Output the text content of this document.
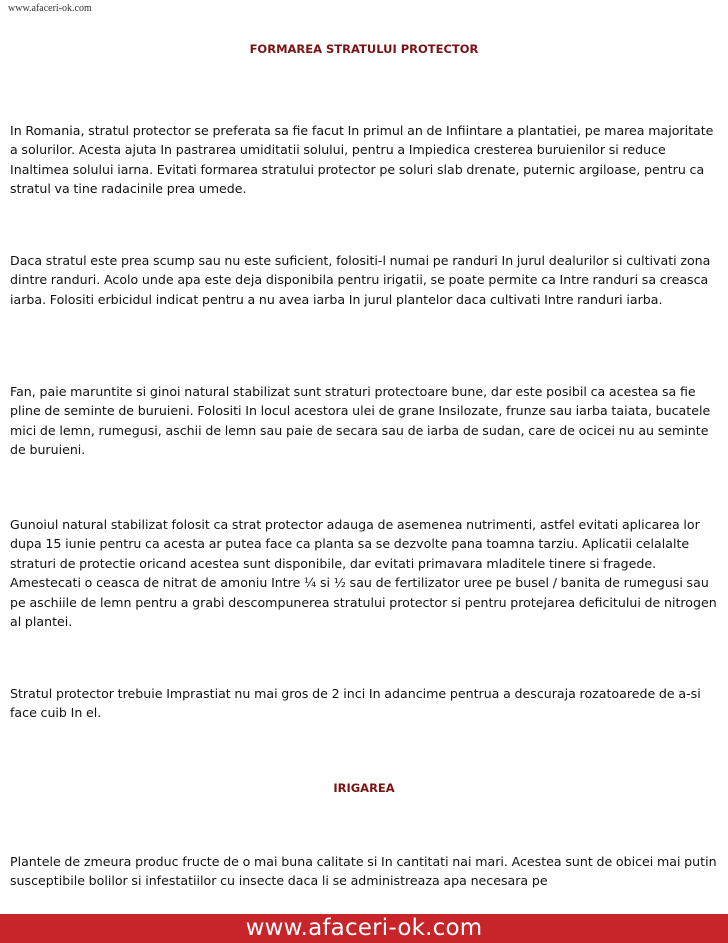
www.afaceri-ok.com
FORMAREA STRATULUI PROTECTOR
In Romania, stratul protector se preferata sa fie facut In primul an de Infiintare a plantatiei, pe marea majoritate a solurilor. Acesta ajuta In pastrarea umiditatii solului, pentru a Impiedica cresterea buruienilor si reduce Inaltimea solului iarna. Evitati formarea stratului protector pe soluri slab drenate, puternic argiloase, pentru ca stratul va tine radacinile prea umede.
Daca stratul este prea scump sau nu este suficient, folositi-l numai pe randuri In jurul dealurilor si cultivati zona dintre randuri. Acolo unde apa este deja disponibila pentru irigatii, se poate permite ca Intre randuri sa creasca iarba. Folositi erbicidul indicat pentru a nu avea iarba In jurul plantelor daca cultivati Intre randuri iarba.
Fan, paie maruntite si ginoi natural stabilizat sunt straturi protectoare bune, dar este posibil ca acestea sa fie pline de seminte de buruieni. Folositi In locul acestora ulei de grane Insilozate, frunze sau iarba taiata, bucatele mici de lemn, rumegusi, aschii de lemn sau paie de secara sau de iarba de sudan, care de ocicei nu au seminte de buruieni.
Gunoiul natural stabilizat folosit ca strat protector adauga de asemenea nutrimenti, astfel evitati aplicarea lor dupa 15 iunie pentru ca acesta ar putea face ca planta sa se dezvolte pana toamna tarziu. Aplicatii celalalte straturi de protectie oricand acestea sunt disponibile, dar evitati primavara mladitele tinere si fragede. Amestecati o ceasca de nitrat de amoniu Intre ¼ si ½ sau de fertilizator uree pe busel / banita de rumegusi sau pe aschiile de lemn pentru a grabi descompunerea stratului protector si pentru protejarea deficitului de nitrogen al plantei.
Stratul protector trebuie Imprastiat nu mai gros de 2 inci In adancime pentrua a descuraja rozatoarede de a-si face cuib In el.
IRIGAREA
Plantele de zmeura produc fructe de o mai buna calitate si In cantitati nai mari. Acestea sunt de obicei mai putin susceptibile bolilor si infestatiilor cu insecte daca li se administreaza apa necesara pe
www.afaceri-ok.com
